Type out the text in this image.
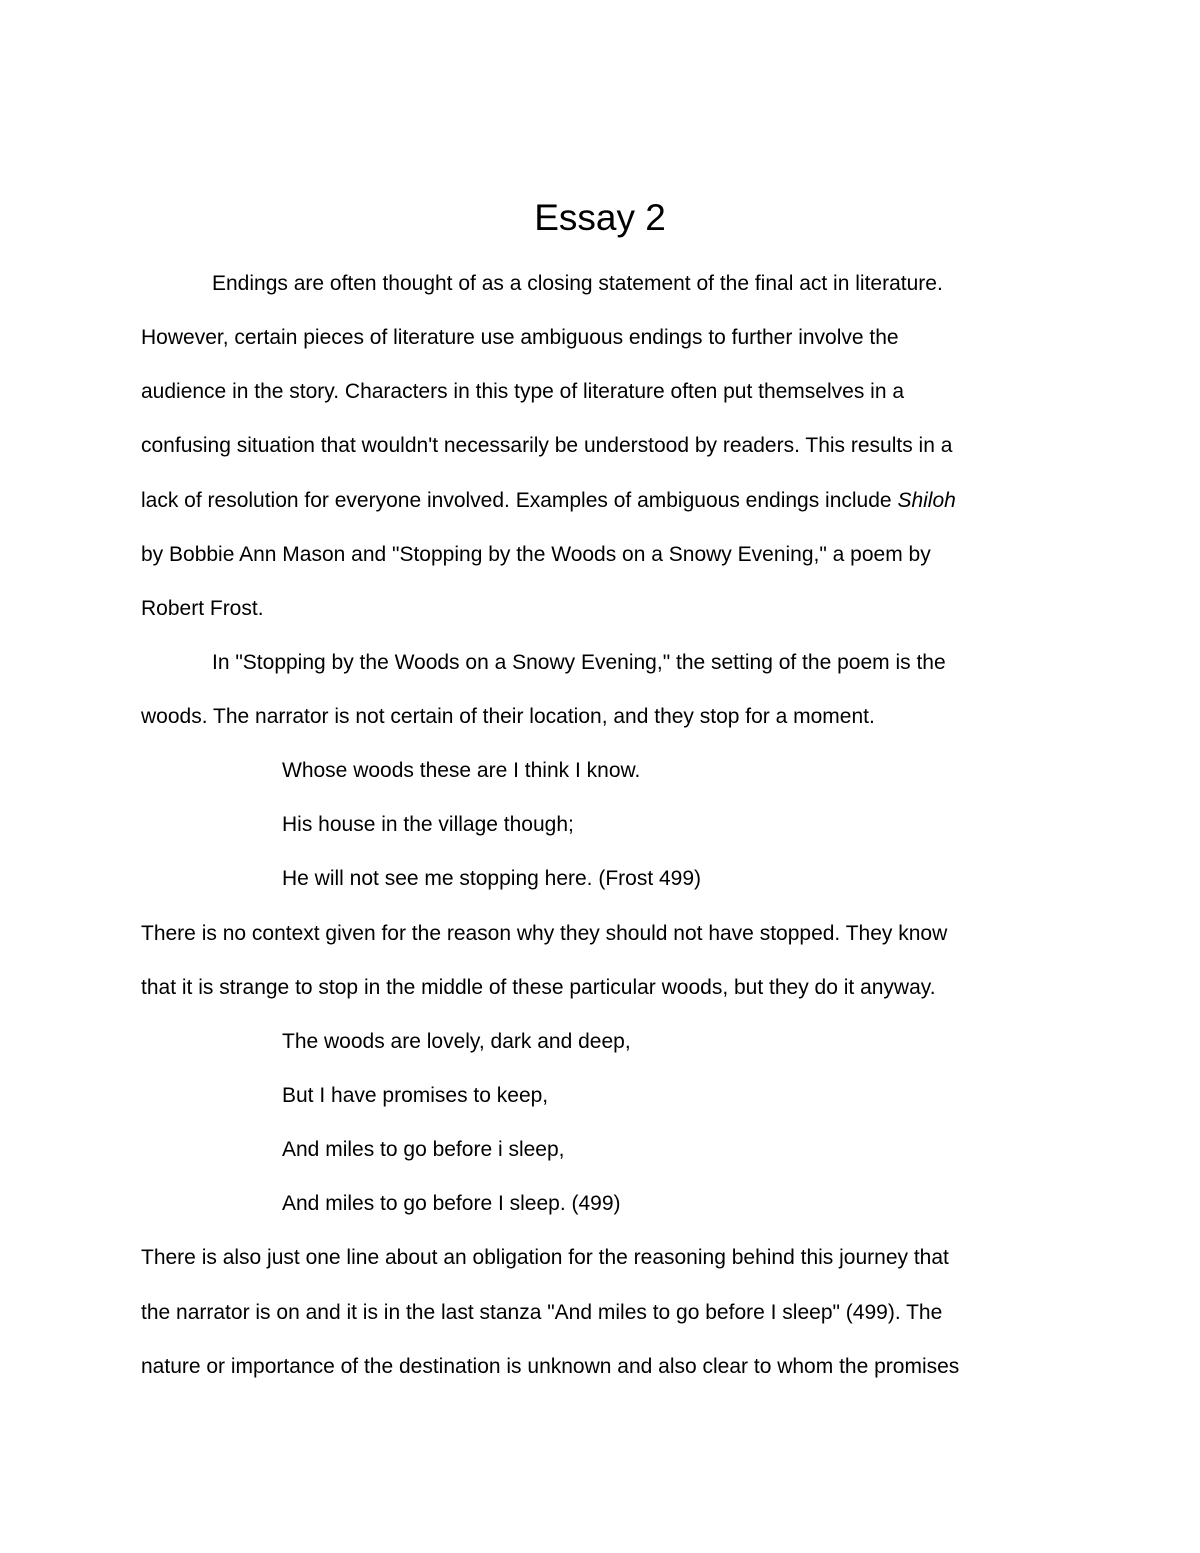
Essay 2

Endings are often thought of as a closing statement of the final act in literature.

However, certain pieces of literature use ambiguous endings to further involve the

audience in the story. Characters in this type of literature often put themselves in a

confusing situation that wouldn't necessarily be understood by readers. This results in a

lack of resolution for everyone involved. Examples of ambiguous endings include Shiloh

by Bobbie Ann Mason and "Stopping by the Woods on a Snowy Evening," a poem by

Robert Frost.

In "Stopping by the Woods on a Snowy Evening," the setting of the poem is the

woods. The narrator is not certain of their location, and they stop for a moment.

Whose woods these are I think I know.

His house in the village though;

He will not see me stopping here. (Frost 499)

There is no context given for the reason why they should not have stopped. They know

that it is strange to stop in the middle of these particular woods, but they do it anyway.

The woods are lovely, dark and deep,

But I have promises to keep,

And miles to go before i sleep,

And miles to go before I sleep. (499)

There is also just one line about an obligation for the reasoning behind this journey that

the narrator is on and it is in the last stanza "And miles to go before I sleep" (499). The

nature or importance of the destination is unknown and also clear to whom the promises
